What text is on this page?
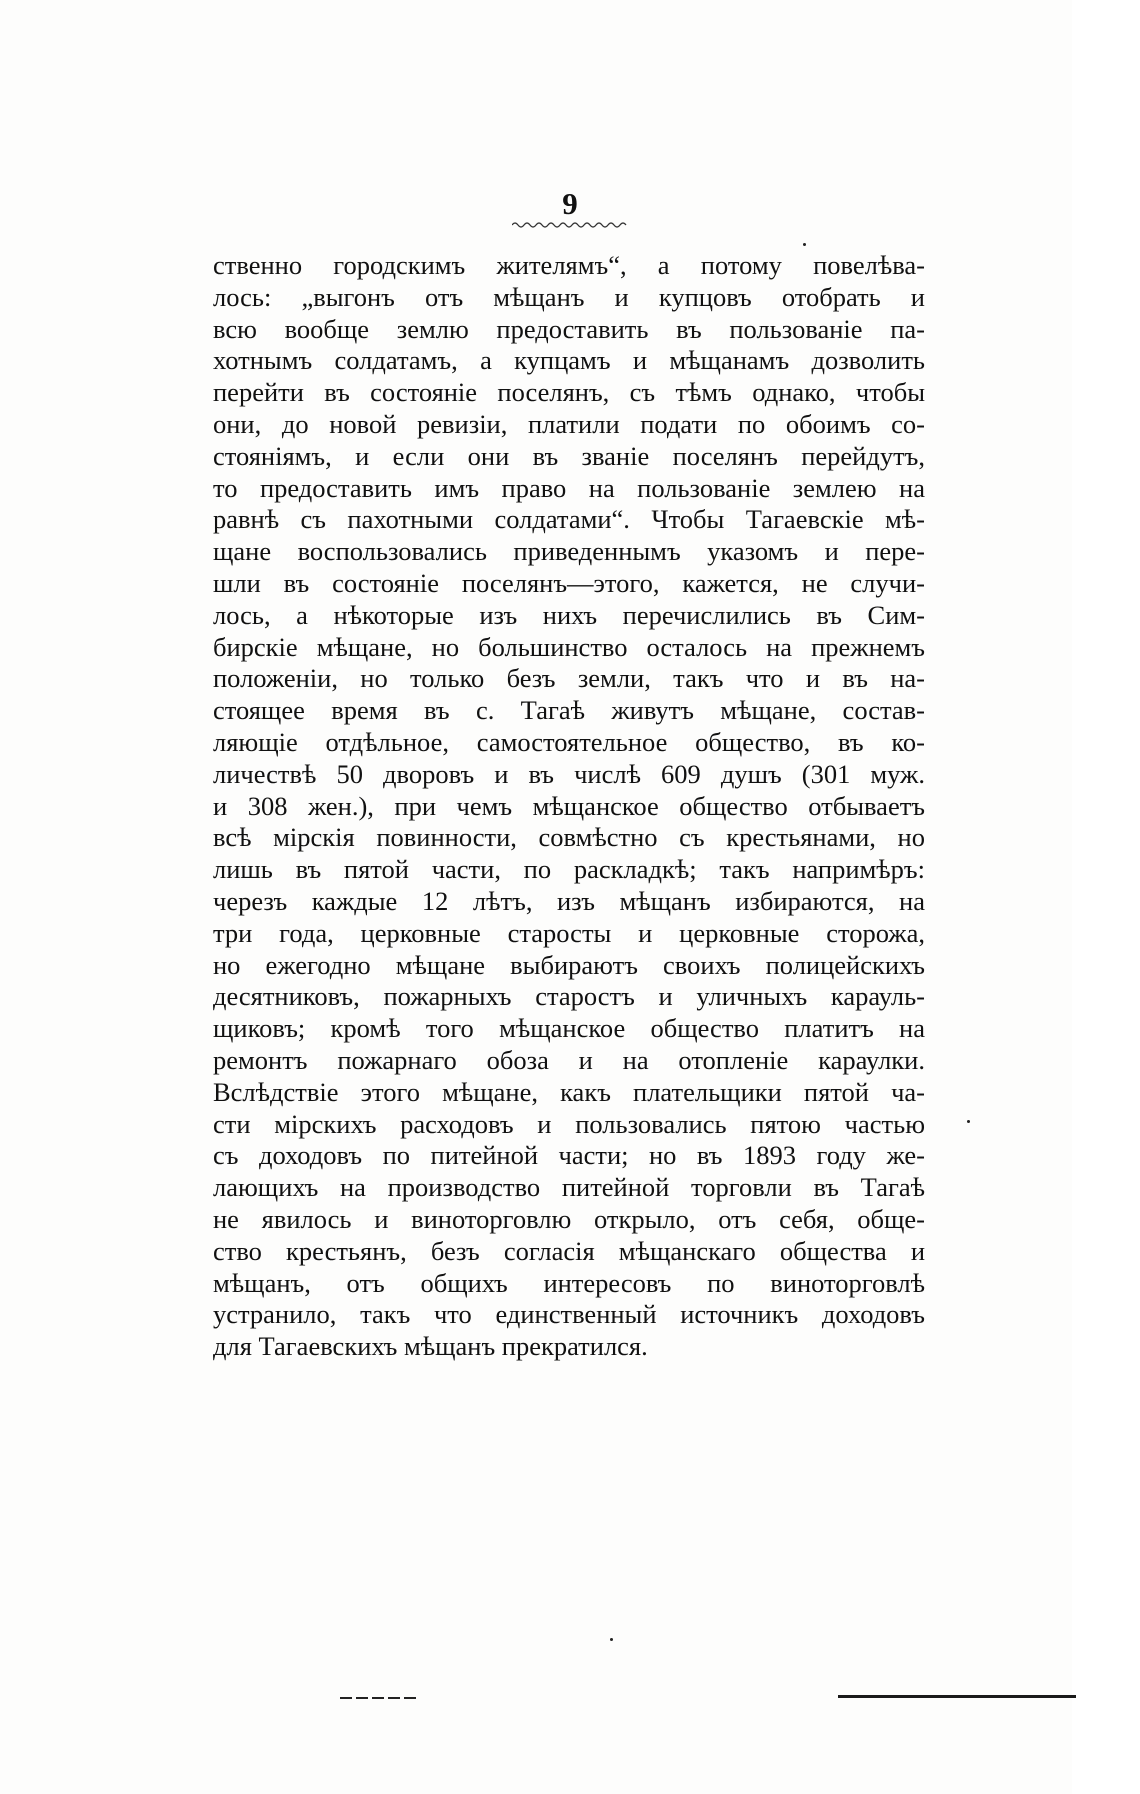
9
ственно городскимъ жителямъ“, а потому повелѣва-
лось: „выгонъ отъ мѣщанъ и купцовъ отобрать и
всю вообще землю предоставить въ пользованіе па-
хотнымъ солдатамъ, а купцамъ и мѣщанамъ дозволить
перейти въ состояніе поселянъ, съ тѣмъ однако, чтобы
они, до новой ревизіи, платили подати по обоимъ со-
стояніямъ, и если они въ званіе поселянъ перейдутъ,
то предоставить имъ право на пользованіе землею на
равнѣ съ пахотными солдатами“. Чтобы Тагаевскіе мѣ-
щане воспользовались приведеннымъ указомъ и пере-
шли въ состояніе поселянъ—этого, кажется, не случи-
лось, а нѣкоторые изъ нихъ перечислились въ Сим-
бирскіе мѣщане, но большинство осталось на прежнемъ
положеніи, но только безъ земли, такъ что и въ на-
стоящее время въ с. Тагаѣ живутъ мѣщане, состав-
ляющіе отдѣльное, самостоятельное общество, въ ко-
личествѣ 50 дворовъ и въ числѣ 609 душъ (301 муж.
и 308 жен.), при чемъ мѣщанское общество отбываетъ
всѣ мірскія повинности, совмѣстно съ крестьянами, но
лишь въ пятой части, по раскладкѣ; такъ напримѣръ:
черезъ каждые 12 лѣтъ, изъ мѣщанъ избираются, на
три года, церковные старосты и церковные сторожа,
но ежегодно мѣщане выбираютъ своихъ полицейскихъ
десятниковъ, пожарныхъ старостъ и уличныхъ карауль-
щиковъ; кромѣ того мѣщанское общество платитъ на
ремонтъ пожарнаго обоза и на отопленіе караулки.
Вслѣдствіе этого мѣщане, какъ плательщики пятой ча-
сти мірскихъ расходовъ и пользовались пятою частью
съ доходовъ по питейной части; но въ 1893 году же-
лающихъ на производство питейной торговли въ Тагаѣ
не явилось и виноторговлю открыло, отъ себя, обще-
ство крестьянъ, безъ согласія мѣщанскаго общества и
мѣщанъ, отъ общихъ интересовъ по виноторговлѣ
устранило, такъ что единственный источникъ доходовъ
для Тагаевскихъ мѣщанъ прекратился.
